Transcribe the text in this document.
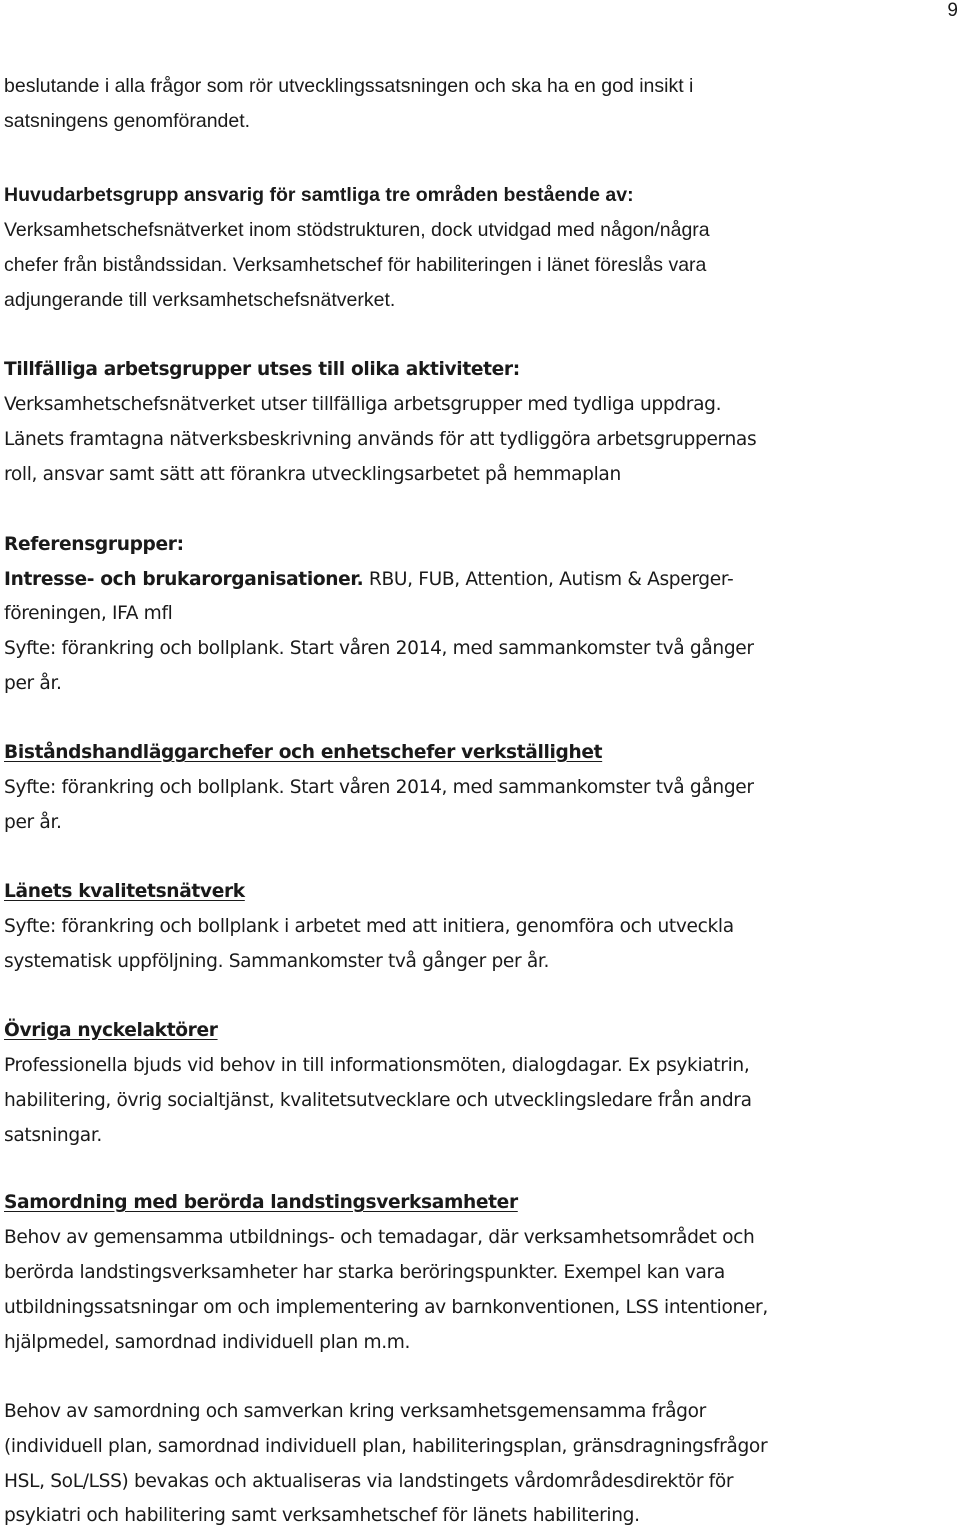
9
beslutande i alla frågor som rör utvecklingssatsningen och ska ha en god insikt i
satsningens genomförandet.
Huvudarbetsgrupp ansvarig för samtliga tre områden bestående av:
Verksamhetschefsnätverket inom stödstrukturen, dock utvidgad med någon/några
chefer från biståndssidan. Verksamhetschef för habiliteringen i länet föreslås vara
adjungerande till verksamhetschefsnätverket.
Tillfälliga arbetsgrupper utses till olika aktiviteter:
Verksamhetschefsnätverket utser tillfälliga arbetsgrupper med tydliga uppdrag.
Länets framtagna nätverksbeskrivning används för att tydliggöra arbetsgruppernas
roll, ansvar samt sätt att förankra utvecklingsarbetet på hemmaplan
Referensgrupper:
Intresse- och brukarorganisationer. RBU, FUB, Attention, Autism & Asperger-
föreningen, IFA mfl
Syfte: förankring och bollplank. Start våren 2014, med sammankomster två gånger
per år.
Biståndshandläggarchefer och enhetschefer verkställighet
Syfte: förankring och bollplank. Start våren 2014, med sammankomster två gånger
per år.
Länets kvalitetsnätverk
Syfte: förankring och bollplank i arbetet med att initiera, genomföra och utveckla
systematisk uppföljning. Sammankomster två gånger per år.
Övriga nyckelaktörer
Professionella bjuds vid behov in till informationsmöten, dialogdagar. Ex psykiatrin,
habilitering, övrig socialtjänst, kvalitetsutvecklare och utvecklingsledare från andra
satsningar.
Samordning med berörda landstingsverksamheter
Behov av gemensamma utbildnings- och temadagar, där verksamhetsområdet och
berörda landstingsverksamheter har starka beröringspunkter. Exempel kan vara
utbildningssatsningar om och implementering av barnkonventionen, LSS intentioner,
hjälpmedel, samordnad individuell plan m.m.
Behov av samordning och samverkan kring verksamhetsgemensamma frågor
(individuell plan, samordnad individuell plan, habiliteringsplan, gränsdragningsfrågor
HSL, SoL/LSS) bevakas och aktualiseras via landstingets vårdområdesdirektör för
psykiatri och habilitering samt verksamhetschef för länets habilitering.
